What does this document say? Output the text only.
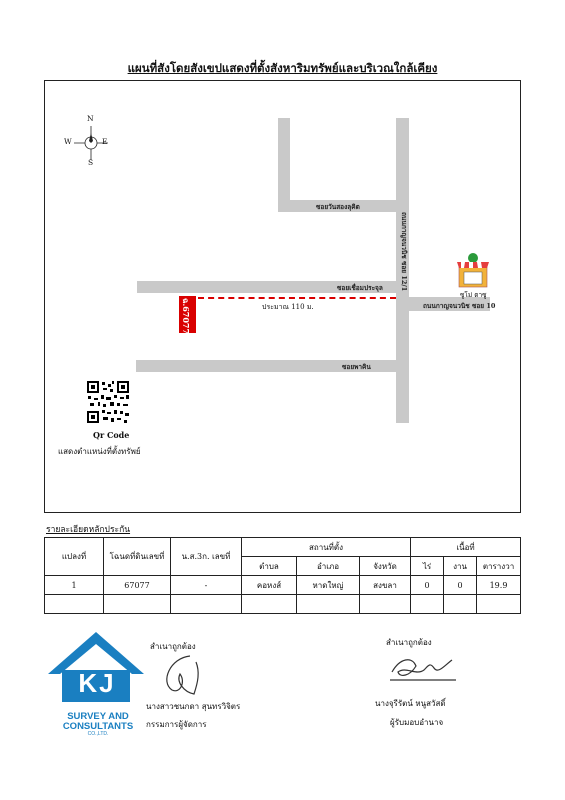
แผนที่สังโดยสังเขปแสดงที่ตั้งสังหาริมทรัพย์และบริเวณใกล้เคียง
N
S
E
W
ซอยวันสองลุคิต
ถนนกาญจนวนิช ซอย 12/1
ซอยเชื่อมประจุล
ถนนกาญจนวนิช ซอย 10
ซอยพาคิน
ฉ.67077	ประมาณ 110 ม.
ซูโม่ ตาซู
Qr Code
แสดงตำแหน่งที่ตั้งทรัพย์
รายละเอียดหลักประกัน
แปลงที่	โฉนดที่ดินเลขที่	น.ส.3ก. เลขที่	สถานที่ตั้ง			เนื้อที่		
			ตำบล	อำเภอ	จังหวัด	ไร่	งาน	ตารางวา
1	67077	-	คอหงส์	หาดใหญ่	สงขลา	0	0	19.9

KJ
SURVEY AND
CONSULTANTS
CO.,LTD.
สำเนาถูกต้อง
นางสาวชนกดา สุนทรวิจิตร
กรรมการผู้จัดการ
สำเนาถูกต้อง
นางจุรีรัตน์ หนูสวัสดิ์
ผู้รับมอบอำนาจ
